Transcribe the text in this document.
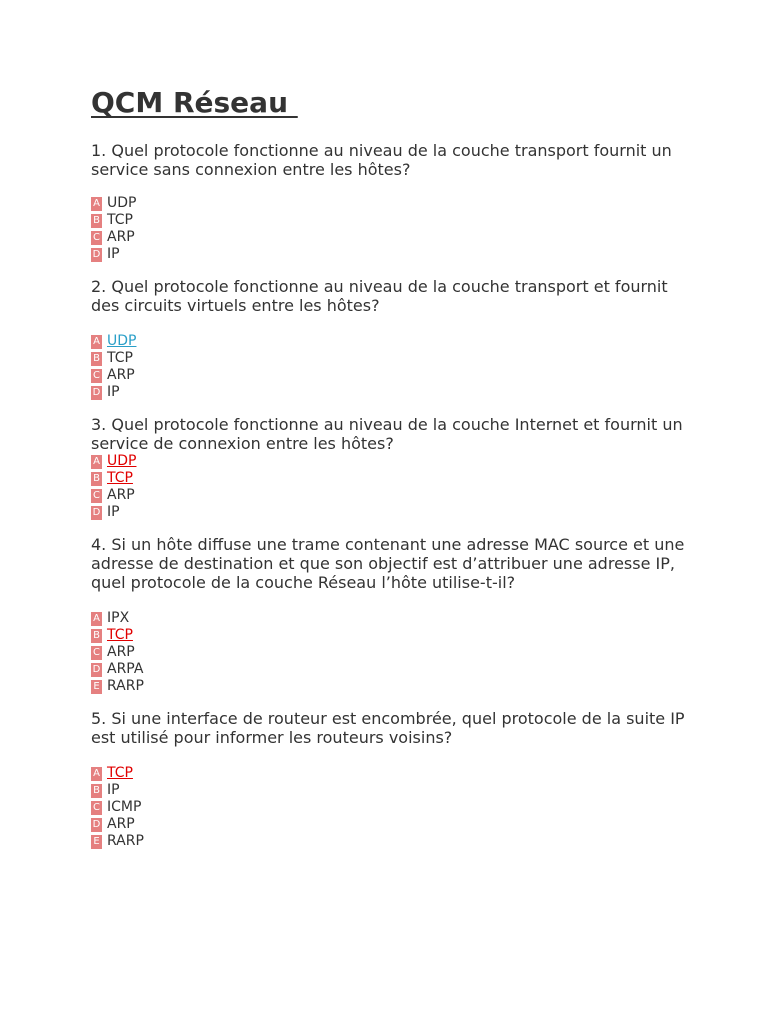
QCM Réseau

1. Quel protocole fonctionne au niveau de la couche transport fournit un service sans connexion entre les hôtes?

A UDP
B TCP
C ARP
D IP

2. Quel protocole fonctionne au niveau de la couche transport et fournit des circuits virtuels entre les hôtes?

A UDP
B TCP
C ARP
D IP

3. Quel protocole fonctionne au niveau de la couche Internet et fournit un service de connexion entre les hôtes?

A UDP
B TCP
C ARP
D IP

4. Si un hôte diffuse une trame contenant une adresse MAC source et une adresse de destination et que son objectif est d’attribuer une adresse IP, quel protocole de la couche Réseau l’hôte utilise-t-il?

A IPX
B TCP
C ARP
D ARPA
E RARP

5. Si une interface de routeur est encombrée, quel protocole de la suite IP est utilisé pour informer les routeurs voisins?

A TCP
B IP
C ICMP
D ARP
E RARP
